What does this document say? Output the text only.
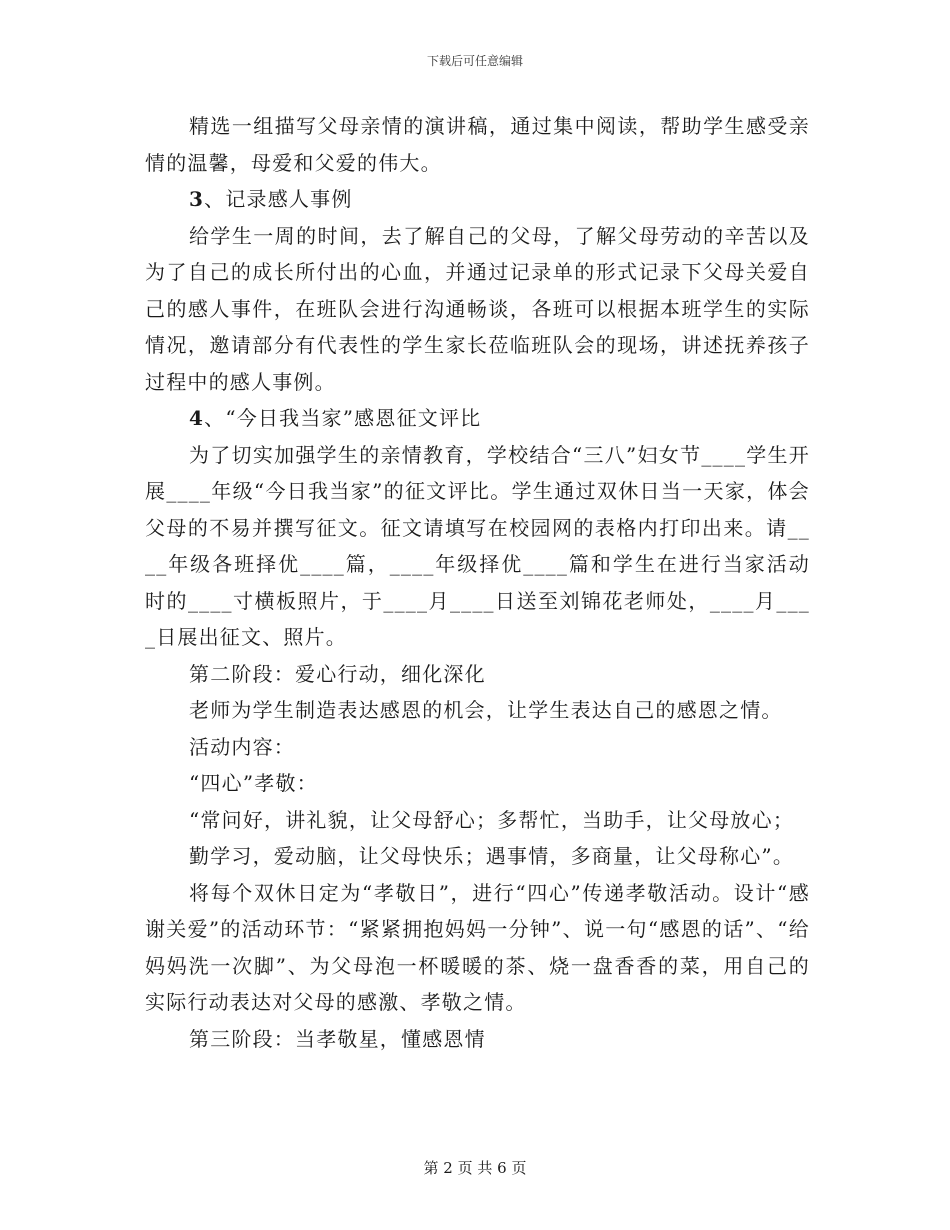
下载后可任意编辑

精选一组描写父母亲情的演讲稿，通过集中阅读，帮助学生感受亲情的温馨，母爱和父爱的伟大。

3、记录感人事例

给学生一周的时间，去了解自己的父母，了解父母劳动的辛苦以及为了自己的成长所付出的心血，并通过记录单的形式记录下父母关爱自己的感人事件，在班队会进行沟通畅谈，各班可以根据本班学生的实际情况，邀请部分有代表性的学生家长莅临班队会的现场，讲述抚养孩子过程中的感人事例。

4、“今日我当家”感恩征文评比

为了切实加强学生的亲情教育，学校结合“三八”妇女节____学生开展____年级“今日我当家”的征文评比。学生通过双休日当一天家，体会父母的不易并撰写征文。征文请填写在校园网的表格内打印出来。请____年级各班择优____篇，____年级择优____篇和学生在进行当家活动时的____寸横板照片，于____月____日送至刘锦花老师处，____月____日展出征文、照片。

第二阶段：爱心行动，细化深化

老师为学生制造表达感恩的机会，让学生表达自己的感恩之情。

活动内容：

“四心”孝敬：

“常问好，讲礼貌，让父母舒心；多帮忙，当助手，让父母放心；

勤学习，爱动脑，让父母快乐；遇事情，多商量，让父母称心”。

将每个双休日定为“孝敬日”，进行“四心”传递孝敬活动。设计“感谢关爱”的活动环节：“紧紧拥抱妈妈一分钟”、说一句“感恩的话”、“给妈妈洗一次脚”、为父母泡一杯暖暖的茶、烧一盘香香的菜，用自己的实际行动表达对父母的感激、孝敬之情。

第三阶段：当孝敬星，懂感恩情

第 2 页 共 6 页
